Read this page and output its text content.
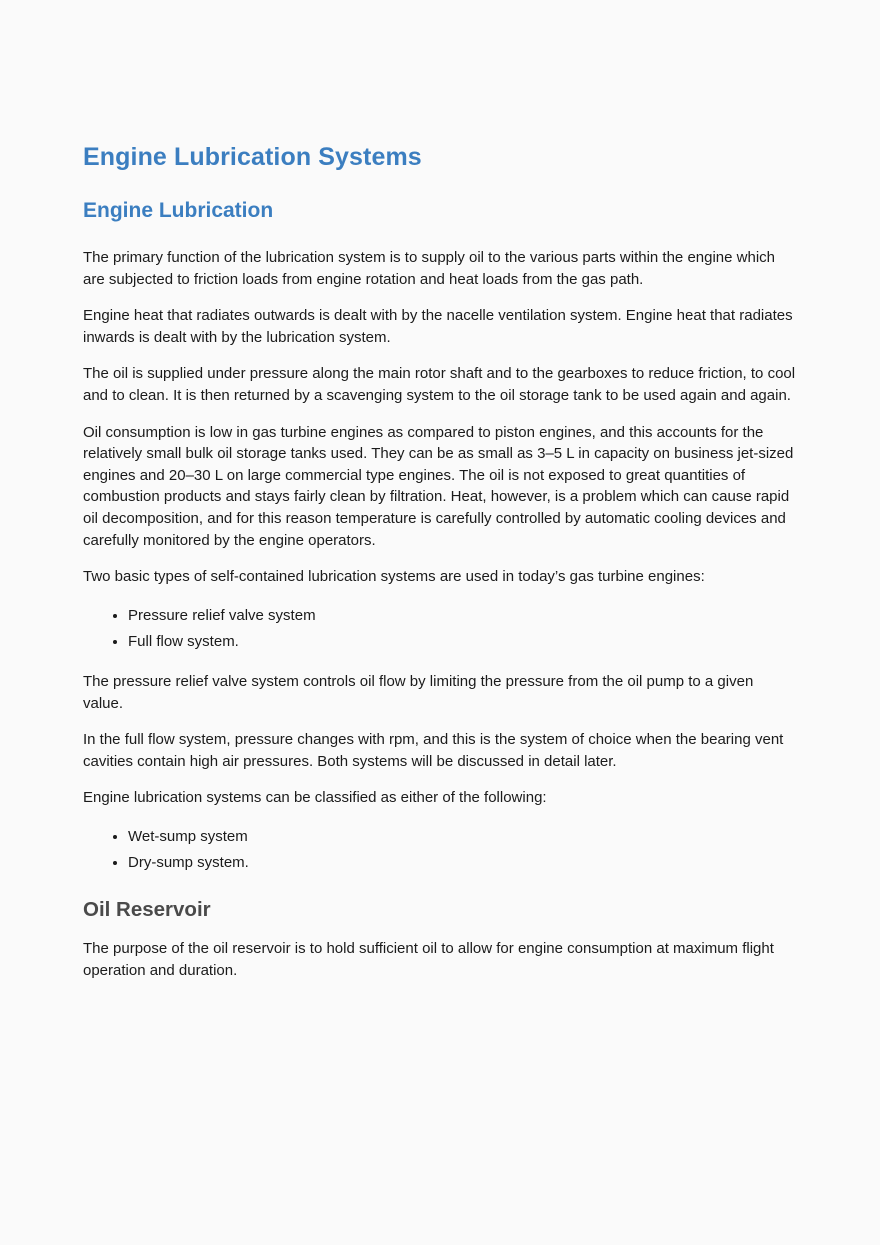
Engine Lubrication Systems
Engine Lubrication

The primary function of the lubrication system is to supply oil to the various parts within the engine which are subjected to friction loads from engine rotation and heat loads from the gas path.

Engine heat that radiates outwards is dealt with by the nacelle ventilation system. Engine heat that radiates inwards is dealt with by the lubrication system.

The oil is supplied under pressure along the main rotor shaft and to the gearboxes to reduce friction, to cool and to clean. It is then returned by a scavenging system to the oil storage tank to be used again and again.

Oil consumption is low in gas turbine engines as compared to piston engines, and this accounts for the relatively small bulk oil storage tanks used. They can be as small as 3–5 L in capacity on business jet-sized engines and 20–30 L on large commercial type engines. The oil is not exposed to great quantities of combustion products and stays fairly clean by filtration. Heat, however, is a problem which can cause rapid oil decomposition, and for this reason temperature is carefully controlled by automatic cooling devices and carefully monitored by the engine operators.

Two basic types of self-contained lubrication systems are used in today’s gas turbine engines:

• Pressure relief valve system
• Full flow system.

The pressure relief valve system controls oil flow by limiting the pressure from the oil pump to a given value.

In the full flow system, pressure changes with rpm, and this is the system of choice when the bearing vent cavities contain high air pressures. Both systems will be discussed in detail later.

Engine lubrication systems can be classified as either of the following:

• Wet-sump system
• Dry-sump system.
Oil Reservoir

The purpose of the oil reservoir is to hold sufficient oil to allow for engine consumption at maximum flight operation and duration.
